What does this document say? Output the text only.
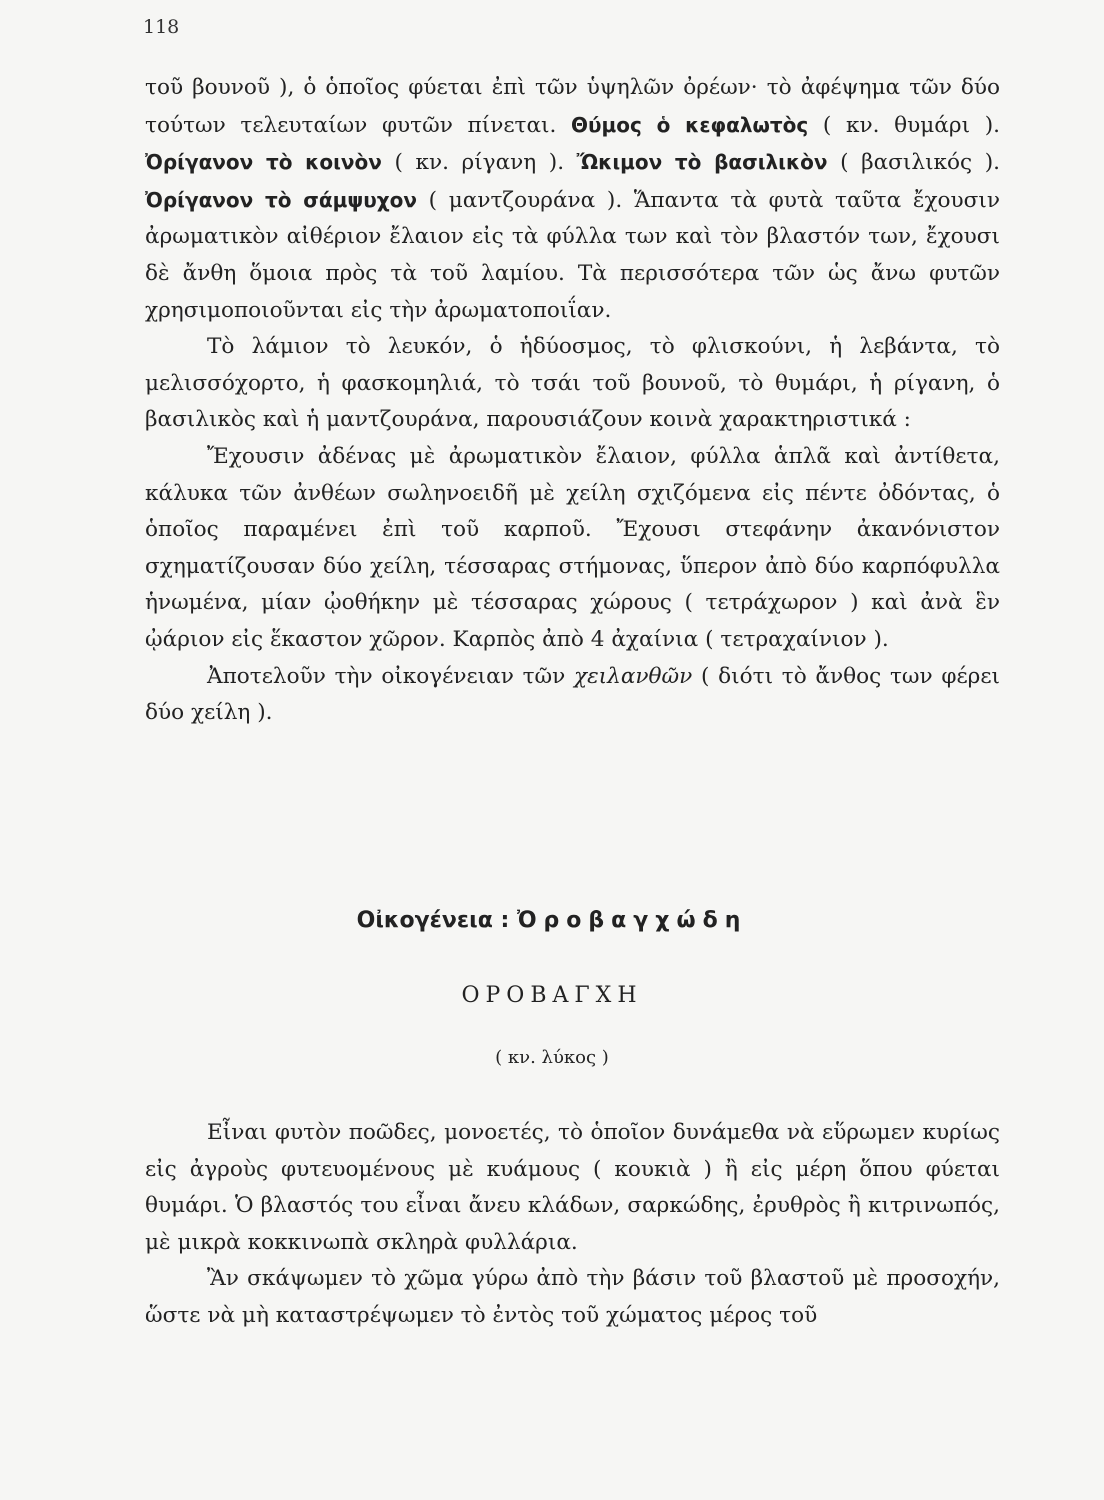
118

τοῦ βουνοῦ ), ὁ ὁποῖος φύεται ἐπὶ τῶν ὑψηλῶν ὀρέων· τὸ ἀφέψημα τῶν δύο τούτων τελευταίων φυτῶν πίνεται. Θύμος ὁ κεφαλωτὸς ( κν. θυμάρι ). Ὀρίγανον τὸ κοινὸν ( κν. ρίγανη ). Ὤκιμον τὸ βασιλικὸν ( βασιλικός ). Ὀρίγανον τὸ σάμψυχον ( μαντζουράνα ). Ἅπαντα τὰ φυτὰ ταῦτα ἔχουσιν ἀρωματικὸν αἰθέριον ἔλαιον εἰς τὰ φύλλα των καὶ τὸν βλαστόν των, ἔχουσι δὲ ἄνθη ὅμοια πρὸς τὰ τοῦ λαμίου. Τὰ περισσότερα τῶν ὡς ἄνω φυτῶν χρησιμοποιοῦνται εἰς τὴν ἀρωματοποιΐαν.

Τὸ λάμιον τὸ λευκόν, ὁ ἡδύοσμος, τὸ φλισκούνι, ἡ λεβάντα, τὸ μελισσόχορτο, ἡ φασκομηλιά, τὸ τσάι τοῦ βουνοῦ, τὸ θυμάρι, ἡ ρίγανη, ὁ βασιλικὸς καὶ ἡ μαντζουράνα, παρουσιάζουν κοινὰ χαρακτηριστικά :

Ἔχουσιν ἀδένας μὲ ἀρωματικὸν ἔλαιον, φύλλα ἁπλᾶ καὶ ἀντίθετα, κάλυκα τῶν ἀνθέων σωληνοειδῆ μὲ χείλη σχιζόμενα εἰς πέντε ὀδόντας, ὁ ὁποῖος παραμένει ἐπὶ τοῦ καρποῦ. Ἔχουσι στεφάνην ἀκανόνιστον σχηματίζουσαν δύο χείλη, τέσσαρας στήμονας, ὕπερον ἀπὸ δύο καρπόφυλλα ἡνωμένα, μίαν ᾠοθήκην μὲ τέσσαρας χώρους ( τετράχωρον ) καὶ ἀνὰ ἓν ᾠάριον εἰς ἕκαστον χῶρον. Καρπὸς ἀπὸ 4 ἀχαίνια ( τετραχαίνιον ).

Ἀποτελοῦν τὴν οἰκογένειαν τῶν χειλανθῶν ( διότι τὸ ἄνθος των φέρει δύο χείλη ).

Οἰκογένεια : Ὀροβαγχώδη
ΟΡΟΒΑΓΧΗ
( κν. λύκος )

Εἶναι φυτὸν ποῶδες, μονοετές, τὸ ὁποῖον δυνάμεθα νὰ εὕρωμεν κυρίως εἰς ἀγροὺς φυτευομένους μὲ κυάμους ( κουκιὰ ) ἢ εἰς μέρη ὅπου φύεται θυμάρι. Ὁ βλαστός του εἶναι ἄνευ κλάδων, σαρκώδης, ἐρυθρὸς ἢ κιτρινωπός, μὲ μικρὰ κοκκινωπὰ σκληρὰ φυλλάρια.

Ἂν σκάψωμεν τὸ χῶμα γύρω ἀπὸ τὴν βάσιν τοῦ βλαστοῦ μὲ προσοχήν, ὥστε νὰ μὴ καταστρέψωμεν τὸ ἐντὸς τοῦ χώματος μέρος τοῦ
